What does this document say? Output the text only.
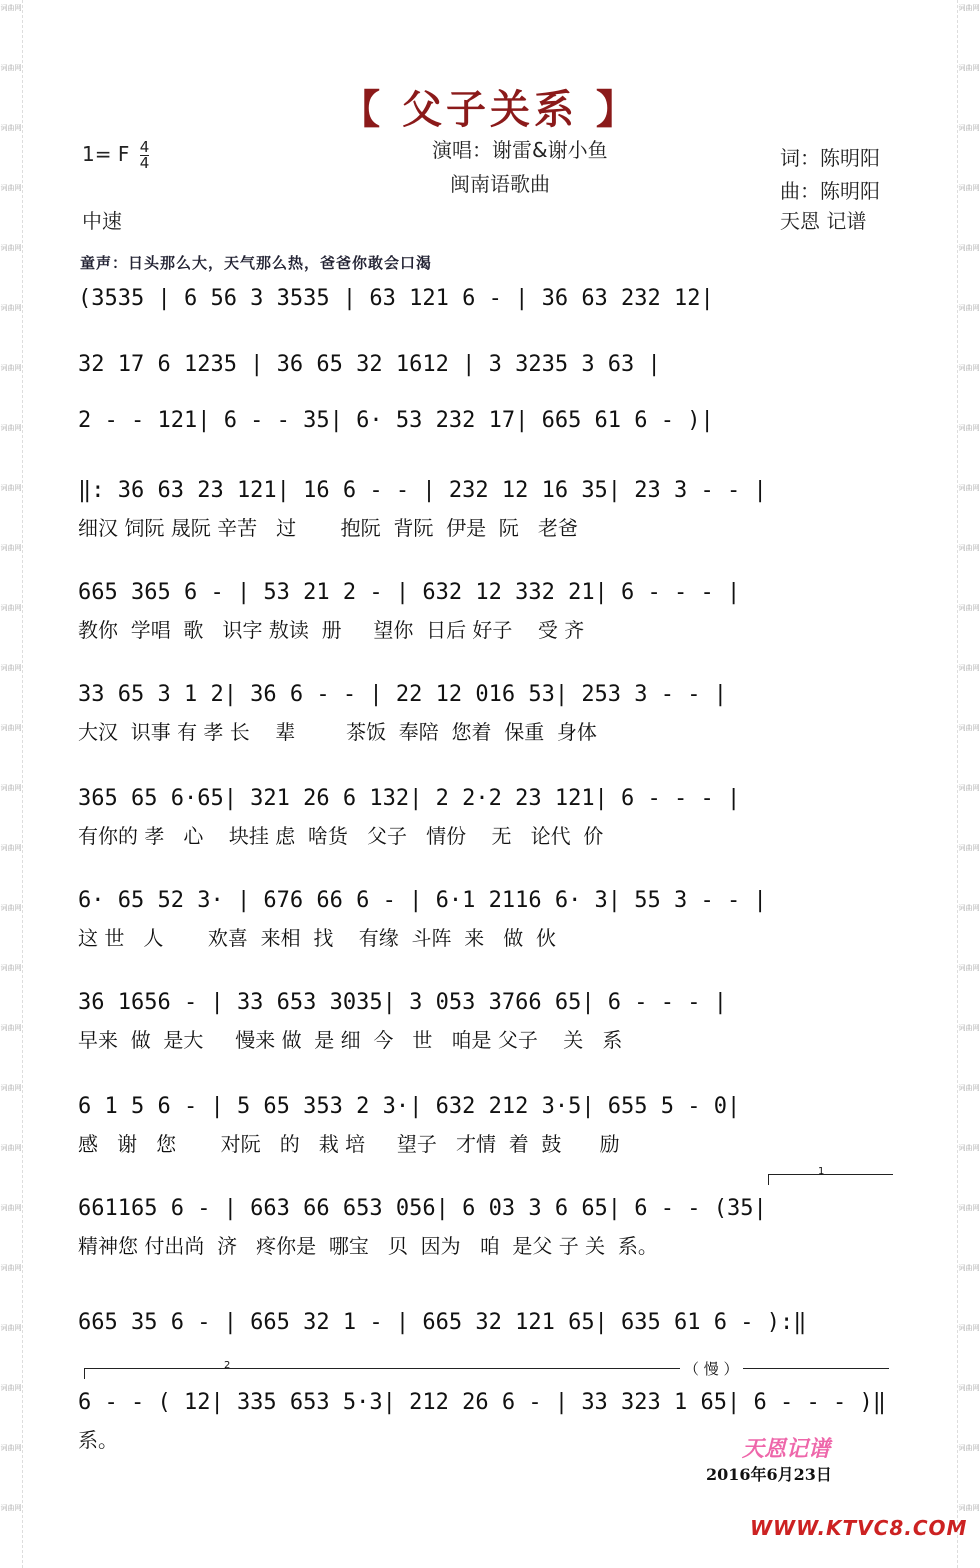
词曲网
词曲网
词曲网
词曲网
词曲网
词曲网
词曲网
词曲网
词曲网
词曲网
词曲网
词曲网
词曲网
词曲网
词曲网
词曲网
词曲网
词曲网
词曲网
词曲网
词曲网
词曲网
词曲网
词曲网
词曲网
词曲网
词曲网
词曲网
词曲网
词曲网
词曲网
词曲网
词曲网
词曲网
词曲网
词曲网
词曲网
词曲网
词曲网
词曲网
词曲网
词曲网
词曲网
词曲网
词曲网
词曲网
词曲网
词曲网
词曲网
词曲网
词曲网
词曲网
【 父子关系 】
1= F $\frac{4}{4}$
中速
演唱：谢雷&谢小鱼
闽南语歌曲
词：陈明阳
曲：陈明阳
天恩 记谱
童声：日头那么大，天气那么热，爸爸你敢会口渴
(3535 | 6 56 3 3535 | 63 121 6 - | 36 63 232 12|
32 17 6 1235 | 36 65 32 1612 | 3 3235 3 63 |
2 - - 121| 6 - - 35| 6· 53 232 17| 665 61 6 - )|
‖: 36 63 23 121| 16 6 - - | 232 12 16 35| 23 3 - - |
细汉 饲阮 晟阮 辛苦   过       抱阮  背阮  伊是  阮   老爸
665 365 6 - | 53 21 2 - | 632 12 332 21| 6 - - - |
教你  学唱  歌   识字 敖读  册     望你  日后 好子    受 齐
33 65 3 1 2| 36 6 - - | 22 12 016 53| 253 3 - - |
大汉  识事 有 孝 长    辈        茶饭  奉陪  您着  保重  身体
365 65 6·65| 321 26 6 132| 2 2·2 23 121| 6 - - - |
有你的 孝   心    块挂 虑  啥货   父子   情份    无   论代  价
6· 65 52 3· | 676 66 6 - | 6·1 2116 6· 3| 55 3 - - |
这 世   人       欢喜  来相  找    有缘  斗阵  来   做  伙
36 1656 - | 33 653 3035| 3 053 3766 65| 6 - - - |
早来  做  是大     慢来 做  是 细  今   世   咱是 父子    关   系
6 1 5 6 - | 5 65 353 2 3·| 632 212 3·5| 655 5 - 0|
感   谢   您       对阮   的   栽 培     望子   才情  着  鼓      励
661165 6 - | 663 66 653 056| 6 03 3 6 65| 6 - - (35|
精神您 付出尚  济   疼你是  哪宝   贝  因为   咱  是父 子 关  系。
665 35 6 - | 665 32 1 - | 665 32 121 65| 635 61 6 - ):‖
6 - - ( 12| 335 653 5·3| 212 26 6 - | 33 323 1 65| 6 - - - )‖
系。
1
2	（ 慢 ）
天恩记谱
2016年6月23日
WWW.KTVC8.COM
